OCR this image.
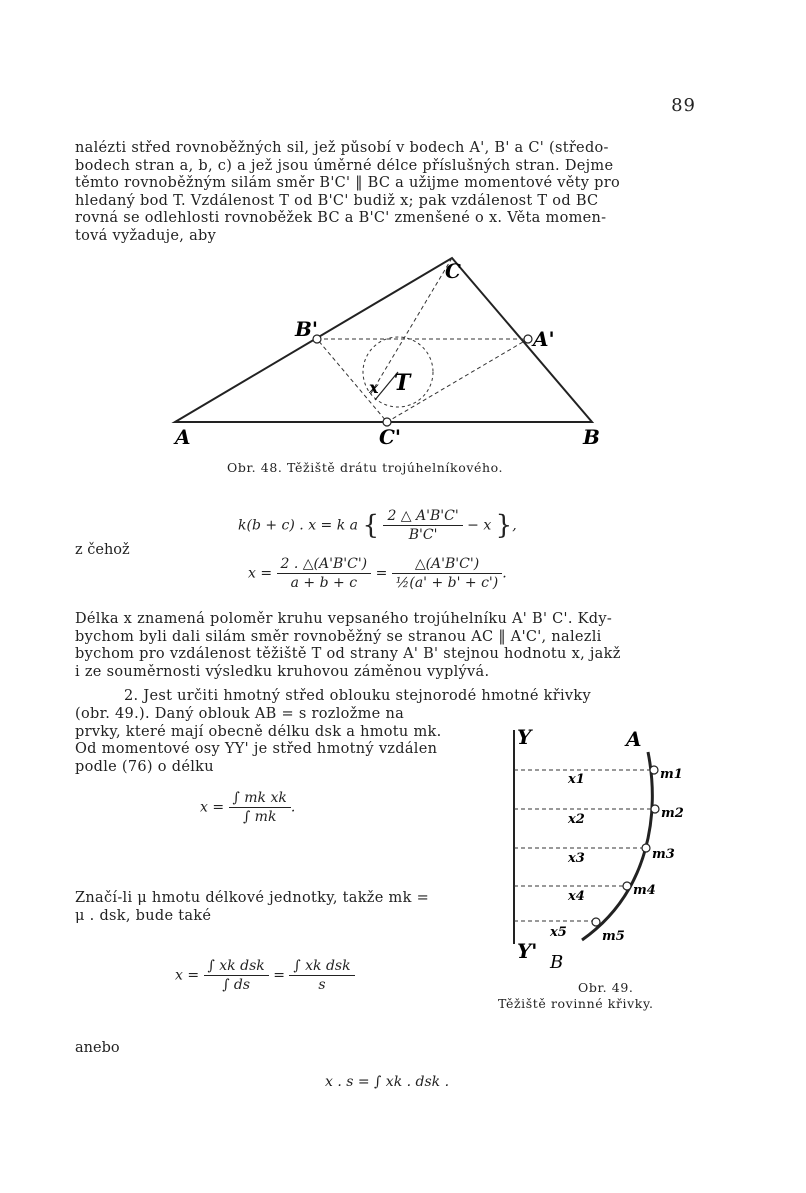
89
nalézti střed rovnoběžných sil, jež působí v bodech A', B' a C' (středo-
bodech stran a, b, c) a jež jsou úměrné délce příslušných stran. Dejme
těmto rovnoběžným silám směr B'C' ‖ BC a užijme momentové věty pro
hledaný bod T. Vzdálenost T od B'C' budiž x; pak vzdálenost T od BC
rovná se odlehlosti rovnoběžek BC a B'C' zmenšené o x. Věta momen-
tová vyžaduje, aby
A	B
C
A'
B'
C'
T
x
Obr. 48. Těžiště drátu trojúhelníkového.
k(b + c) . x = k a { $\frac{2 \triangle A'B'C'}{B'C'} - x$ },
z čehož
$x = \frac{2 . \triangle(A'B'C')}{a + b + c} = \frac{\triangle(A'B'C')}{\text{½(a' + b' + c')}}$ .
Délka x znamená poloměr kruhu vepsaného trojúhelníku A' B' C'. Kdy-
bychom byli dali silám směr rovnoběžný se stranou AC ‖ A'C', nalezli
bychom pro vzdálenost těžiště T od strany A' B' stejnou hodnotu x, jakž
i ze souměrnosti výsledku kruhovou záměnou vyplývá.
2. Jest určiti hmotný střed oblouku stejnorodé hmotné křivky
(obr. 49.). Daný oblouk AB = s rozložme na
prvky, které mají obecně délku dsk a hmotu mk.
Od momentové osy YY' je střed hmotný vzdálen
podle (76) o délku
$x = \frac{\text{∫ mk xk}}{\int mk}$ .
Značí-li μ hmotu délkové jednotky, takže mk =
μ . dsk, bude také
$x = \frac{\text{∫ xk dsk}}{\int ds} = \frac{\text{∫ xk dsk}}{s}$
anebo
x . s = ∫ xk . dsk .
Y
Y'
A
B
x1
x2
x3
x4
x5
m1
m2
m3
m4
m5
Obr. 49.
Těžiště rovinné křivky.
